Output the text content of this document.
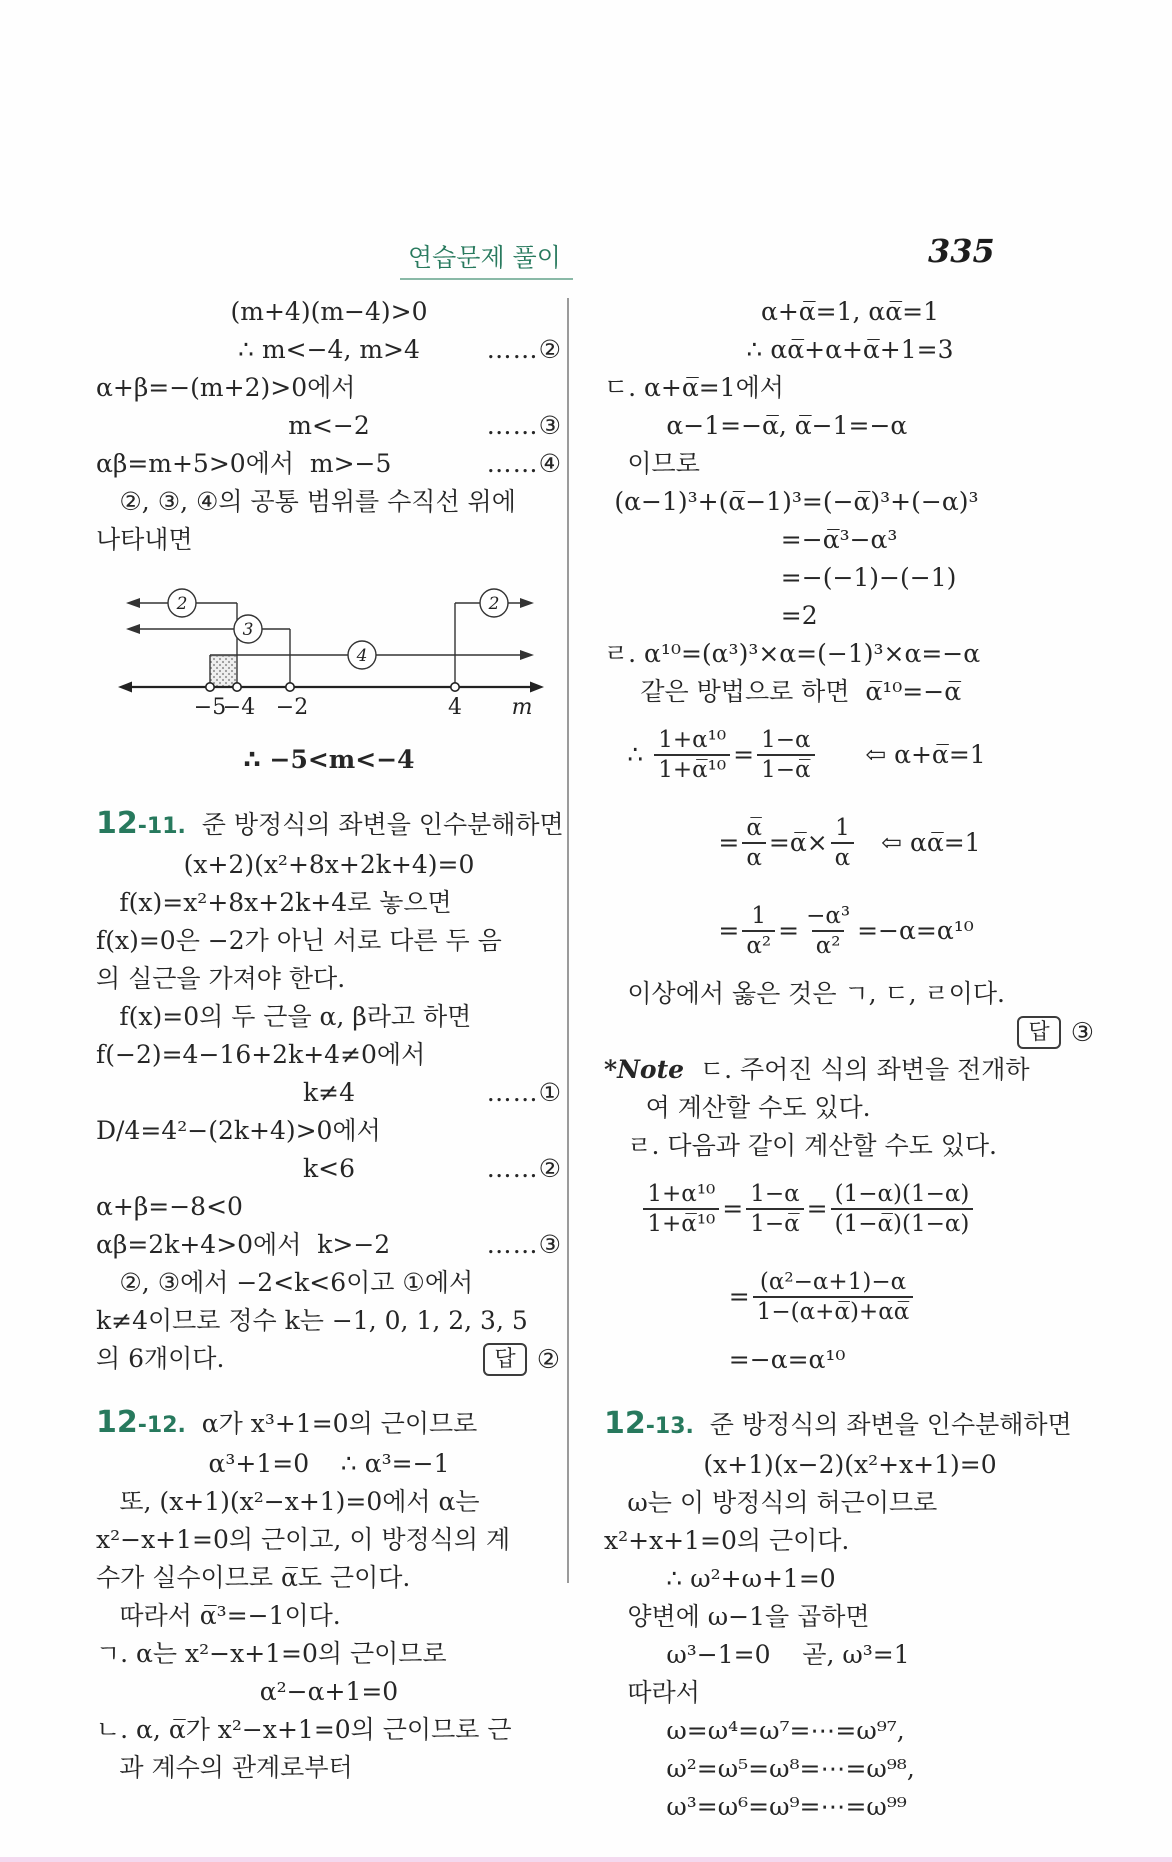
연습문제 풀이	335
(m+4)(m−4)>0
∴ m<−4, m>4	……②
α+β=−(m+2)>0에서
m<−2	……③
αβ=m+5>0에서  m>−5	……④
②, ③, ④의 공통 범위를 수직선 위에
나타내면
2
3
4
2
−5
−4 −2	4 m
∴ −5<m<−4
12-11. 준 방정식의 좌변을 인수분해하면
(x+2)(x²+8x+2k+4)=0
f(x)=x²+8x+2k+4로 놓으면
f(x)=0은 −2가 아닌 서로 다른 두 음
의 실근을 가져야 한다.
f(x)=0의 두 근을 α, β라고 하면
f(−2)=4−16+2k+4≠0에서
k≠4	……①
D/4=4²−(2k+4)>0에서
k<6	……②
α+β=−8<0
αβ=2k+4>0에서  k>−2	……③
②, ③에서 −2<k<6이고 ①에서
k≠4이므로 정수 k는 −1, 0, 1, 2, 3, 5
의 6개이다.	답 ②
12-12. α가 x³+1=0의 근이므로
α³+1=0    ∴ α³=−1
또, (x+1)(x²−x+1)=0에서 α는
x²−x+1=0의 근이고, 이 방정식의 계
수가 실수이므로 α̅도 근이다.
따라서 α̅³=−1이다.
ㄱ. α는 x²−x+1=0의 근이므로
α²−α+1=0
ㄴ. α, α̅가 x²−x+1=0의 근이므로 근
과 계수의 관계로부터
α+α̅=1, αα̅=1
∴ αα̅+α+α̅+1=3
ㄷ. α+α̅=1에서
α−1=−α̅, α̅−1=−α
이므로
(α−1)³+(α̅−1)³=(−α̅)³+(−α)³
=−α̅³−α³
=−(−1)−(−1)
=2
ㄹ. α¹⁰=(α³)³×α=(−1)³×α=−α
같은 방법으로 하면  α̅¹⁰=−α̅
∴ $\frac{\text{1+α¹⁰}}{\text{1+α̅¹⁰}} = \frac{1-\alpha}{1-\alpha̅}$ ⇦ α+α̅=1
= $\frac{\alpha̅}{\alpha}$ =α̅× $\frac{1}{\alpha}$ ⇦ αα̅=1
= $\frac{1}{\text{α²}} = \frac{\text{−α³}}{\text{α²}} =-\alpha=\alpha^{10}$
이상에서 옳은 것은 ㄱ, ㄷ, ㄹ이다.
답 ③
*Note ㄷ. 주어진 식의 좌변을 전개하
여 계산할 수도 있다.
ㄹ. 다음과 같이 계산할 수도 있다.
$\frac{\text{1+α¹⁰}}{\text{1+α̅¹⁰}} = \frac{1-\alpha}{1-\alpha̅} = \frac{(1-\alpha)(1-\alpha)}{(1-\alpha̅)(1-\alpha)}$
= $\frac{\text{(α²−α+1)−α}}{1-(\alpha+\alpha̅)+\alpha\alpha̅}$
=−α=α¹⁰
12-13. 준 방정식의 좌변을 인수분해하면
(x+1)(x−2)(x²+x+1)=0
ω는 이 방정식의 허근이므로
x²+x+1=0의 근이다.
∴ ω²+ω+1=0
양변에 ω−1을 곱하면
ω³−1=0    곧, ω³=1
따라서
ω=ω⁴=ω⁷=⋯=ω⁹⁷,
ω²=ω⁵=ω⁸=⋯=ω⁹⁸,
ω³=ω⁶=ω⁹=⋯=ω⁹⁹
